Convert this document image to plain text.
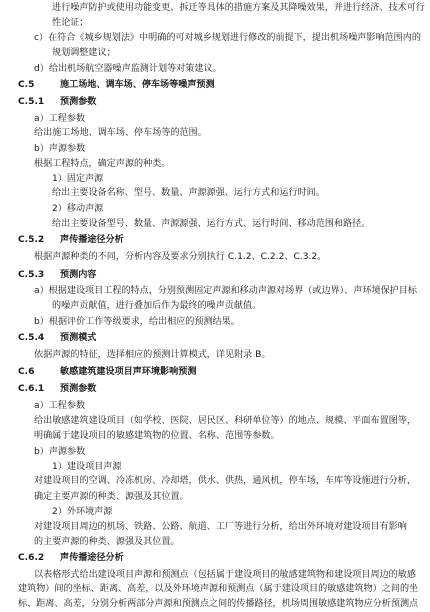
进行噪声防护或使用功能变更、拆迁等具体的措施方案及其降噪效果，并进行经济、技术可行
性论证；
c）在符合《城乡规划法》中明确的可对城乡规划进行修改的前提下，提出机场噪声影响范围内的
规划调整建议；
d）给出机场航空器噪声监测计划等对策建议。
C.5	施工场地、调车场、停车场等噪声预测
C.5.1 预测参数
a）工程参数
给出施工场地、调车场、停车场等的范围。
b）声源参数
根据工程特点，确定声源的种类。
1）固定声源
给出主要设备名称、型号、数量、声源源强、运行方式和运行时间。
2）移动声源
给出主要设备型号、数量、声源源强、运行方式、运行时间、移动范围和路径。
C.5.2 声传播途径分析
根据声源种类的不同，分析内容及要求分别执行 C.1.2、C.2.2、C.3.2。
C.5.3 预测内容
a）根据建设项目工程的特点，分别预测固定声源和移动声源对场界（或边界）、声环境保护目标
的噪声贡献值，进行叠加后作为最终的噪声贡献值。
b）根据评价工作等级要求，给出相应的预测结果。
C.5.4 预测模式
依据声源的特征，选择相应的预测计算模式，详见附录 B。
C.6	敏感建筑建设项目声环境影响预测
C.6.1 预测参数
a）工程参数
给出敏感建筑建设项目（如学校、医院、居民区、科研单位等）的地点、规模、平面布置图等，
明确属于建设项目的敏感建筑物的位置、名称、范围等参数。
b）声源参数
1）建设项目声源
对建设项目的空调、冷冻机房、冷却塔，供水、供热，通风机，停车场，车库等设施进行分析，
确定主要声源的种类、源强及其位置。
2）外环境声源
对建设项目周边的机场、铁路、公路、航道、工厂等进行分析，给出外环境对建设项目有影响
的主要声源的种类、源强及其位置。
C.6.2 声传播途径分析
以表格形式给出建设项目声源和预测点（包括属于建设项目的敏感建筑物和建设项目周边的敏感
建筑物）间的坐标、距离、高差，以及外环境声源和预测点（属于建设项目的敏感建筑物）之间的坐
标、距离、高差，分别分析两部分声源和预测点之间的传播路径，机场周围敏感建筑物应分析预测点
